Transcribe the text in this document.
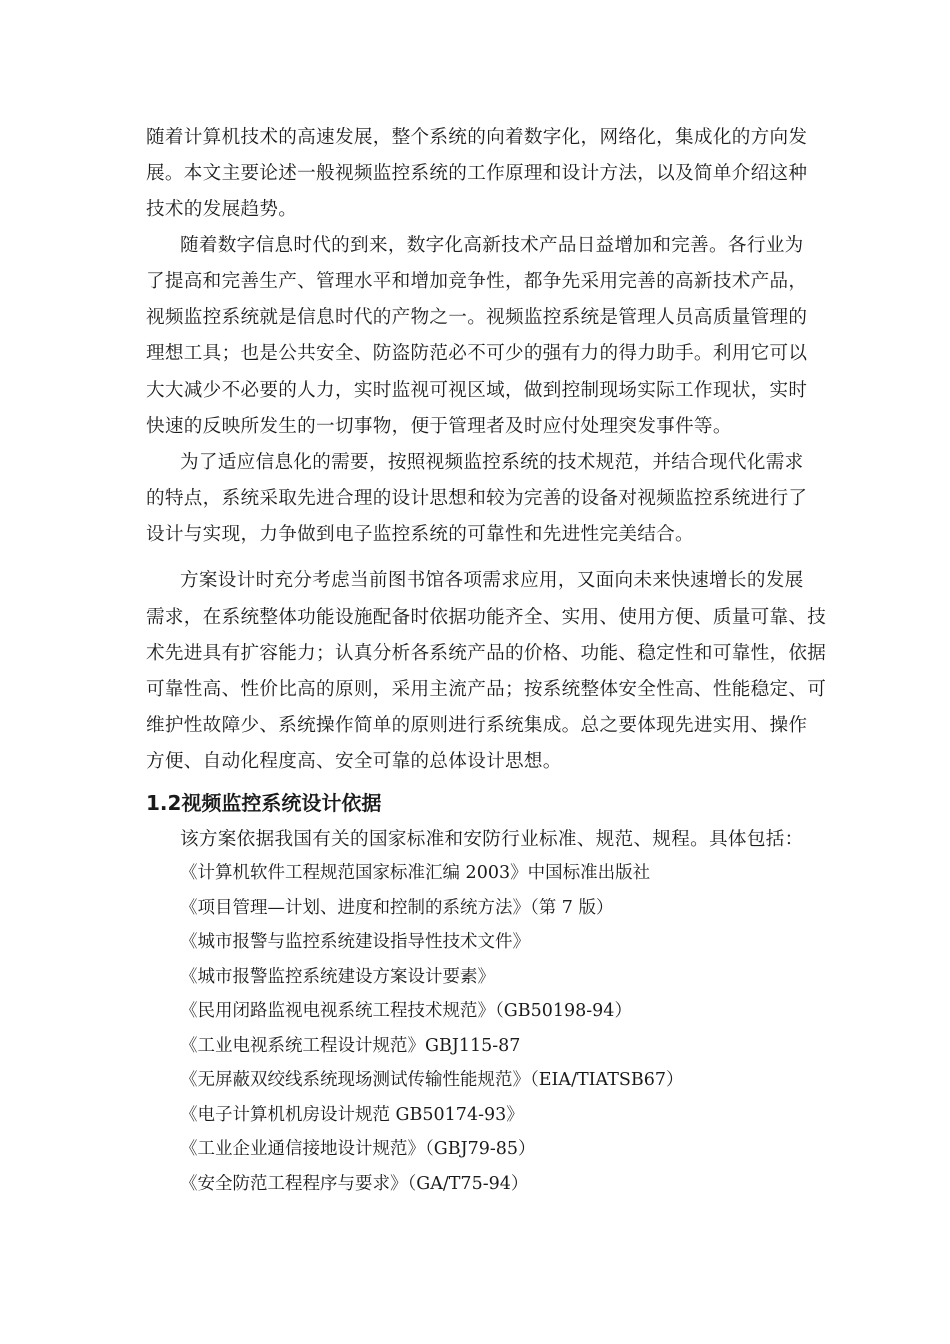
随着计算机技术的高速发展，整个系统的向着数字化，网络化，集成化的方向发
展。本文主要论述一般视频监控系统的工作原理和设计方法，以及简单介绍这种
技术的发展趋势。
随着数字信息时代的到来，数字化高新技术产品日益增加和完善。各行业为
了提高和完善生产、管理水平和增加竞争性，都争先采用完善的高新技术产品，
视频监控系统就是信息时代的产物之一。视频监控系统是管理人员高质量管理的
理想工具；也是公共安全、防盗防范必不可少的强有力的得力助手。利用它可以
大大减少不必要的人力，实时监视可视区域，做到控制现场实际工作现状，实时
快速的反映所发生的一切事物，便于管理者及时应付处理突发事件等。
为了适应信息化的需要，按照视频监控系统的技术规范，并结合现代化需求
的特点，系统采取先进合理的设计思想和较为完善的设备对视频监控系统进行了
设计与实现，力争做到电子监控系统的可靠性和先进性完美结合。
方案设计时充分考虑当前图书馆各项需求应用，又面向未来快速增长的发展
需求，在系统整体功能设施配备时依据功能齐全、实用、使用方便、质量可靠、技
术先进具有扩容能力；认真分析各系统产品的价格、功能、稳定性和可靠性，依据
可靠性高、性价比高的原则，采用主流产品；按系统整体安全性高、性能稳定、可
维护性故障少、系统操作简单的原则进行系统集成。总之要体现先进实用、操作
方便、自动化程度高、安全可靠的总体设计思想。
1.2视频监控系统设计依据
该方案依据我国有关的国家标准和安防行业标准、规范、规程。具体包括：
《计算机软件工程规范国家标准汇编 2003》中国标准出版社
《项目管理—计划、进度和控制的系统方法》（第 7 版）
《城市报警与监控系统建设指导性技术文件》
《城市报警监控系统建设方案设计要素》
《民用闭路监视电视系统工程技术规范》（GB50198-94）
《工业电视系统工程设计规范》GBJ115-87
《无屏蔽双绞线系统现场测试传输性能规范》（EIA/TIATSB67）
《电子计算机机房设计规范 GB50174-93》
《工业企业通信接地设计规范》（GBJ79-85）
《安全防范工程程序与要求》（GA/T75-94）
